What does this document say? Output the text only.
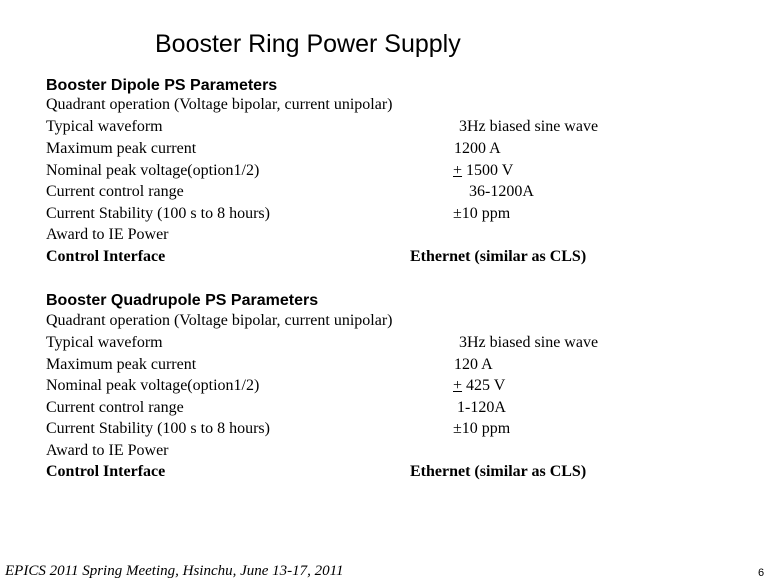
Booster Ring Power Supply
Booster Dipole PS Parameters
Quadrant operation (Voltage bipolar, current unipolar)
Typical waveform	3Hz biased sine wave
Maximum peak current	1200 A
Nominal peak voltage(option1/2)	+ 1500 V
Current control range	36-1200A
Current Stability (100 s to 8 hours)	±10 ppm
Award to IE Power
Control Interface	Ethernet (similar as CLS)
Booster Quadrupole PS Parameters
Quadrant operation (Voltage bipolar, current unipolar)
Typical waveform	3Hz biased sine wave
Maximum peak current	120 A
Nominal peak voltage(option1/2)	+ 425 V
Current control range	1-120A
Current Stability (100 s to 8 hours)	±10 ppm
Award to IE Power
Control Interface	Ethernet (similar as CLS)
EPICS 2011 Spring Meeting, Hsinchu, June 13-17, 2011	6
